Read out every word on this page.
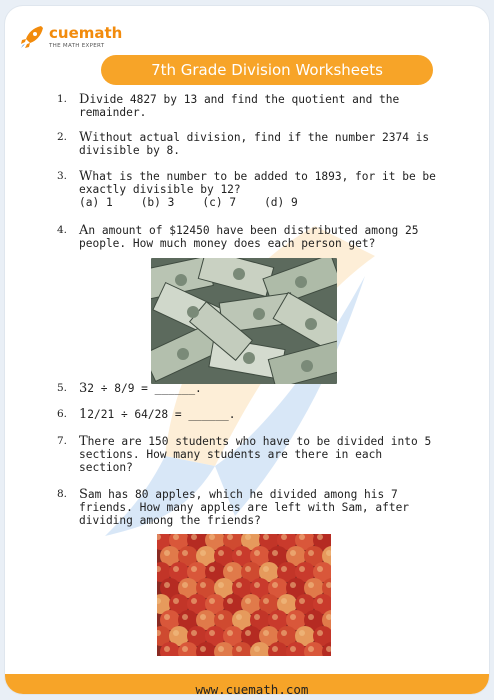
cuemath
THE MATH EXPERT
7th Grade Division Worksheets
1. Divide 4827 by 13 and find the quotient and the
remainder.
2. Without actual division, find if the number 2374 is
divisible by 8.
3. What is the number to be added to 1893, for it be be
exactly divisible by 12?
(a) 1	(b) 3	(c) 7	(d) 9
4. An amount of $12450 have been distributed among 25
people. How much money does each person get?
5. 32 ÷ 8/9 = ______.
6. 12/21 ÷ 64/28 = ______.
7. There are 150 students who have to be divided into 5
sections. How many students are there in each
section?
8. Sam has 80 apples, which he divided among his 7
friends. How many apples are left with Sam, after
dividing among the friends?
www.cuemath.com
